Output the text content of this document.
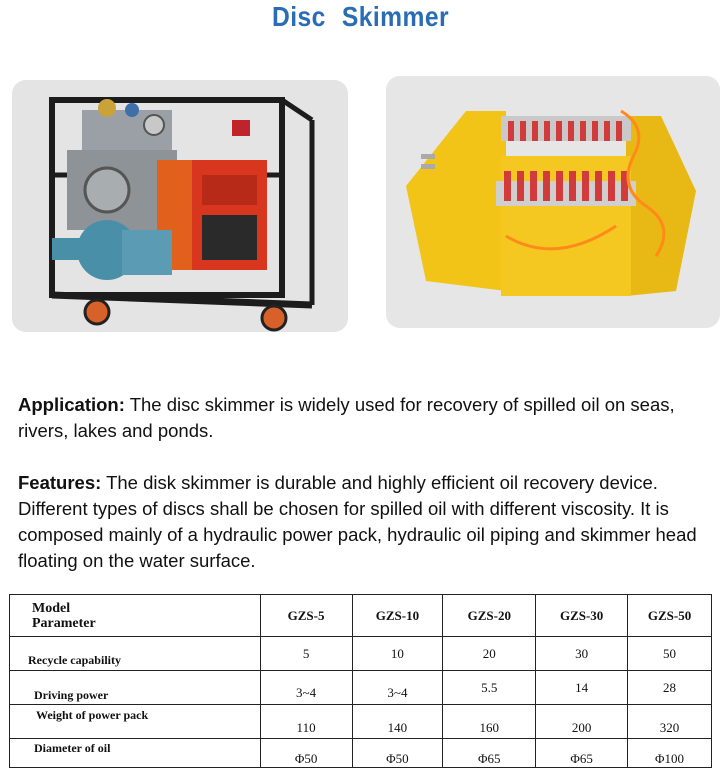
Disc Skimmer
Application: The disc skimmer is widely used for recovery of spilled oil on seas, rivers, lakes and ponds.
Features: The disk skimmer is durable and highly efficient oil recovery device. Different types of discs shall be chosen for spilled oil with different viscosity. It is composed mainly of a hydraulic power pack, hydraulic oil piping and skimmer head floating on the water surface.
Model
Parameter	GZS-5	GZS-10	GZS-20	GZS-30	GZS-50
Recycle capability	5	10	20	30	50
Driving power	3~4	3~4	5.5	14	28
Weight of power pack	110	140	160	200	320
Diameter of oil	Φ50	Φ50	Φ65	Φ65	Φ100
